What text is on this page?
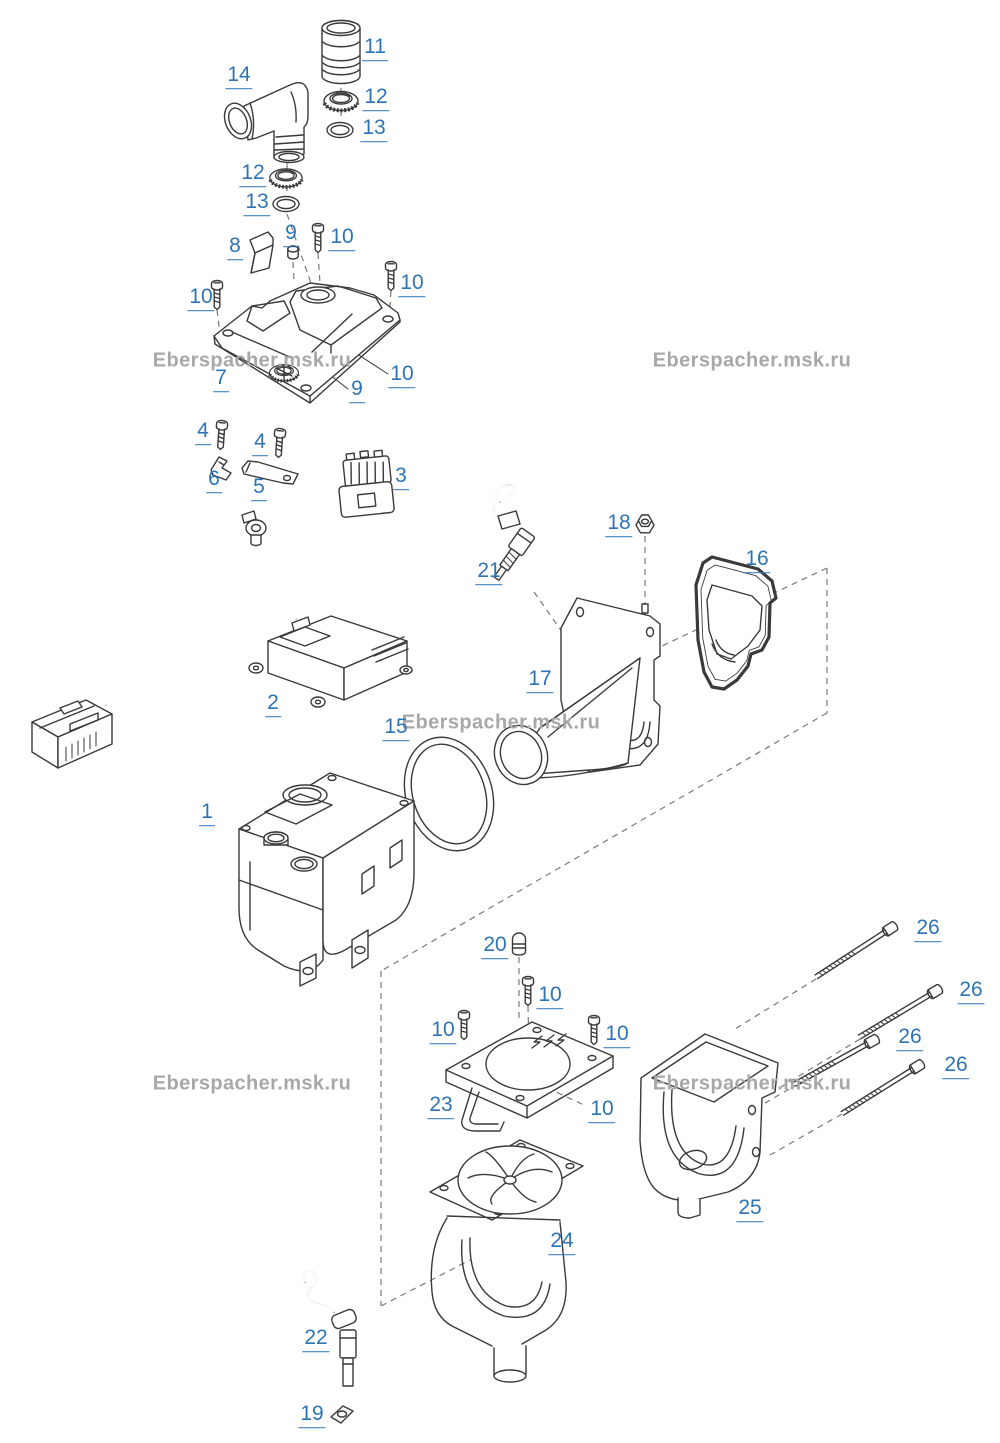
Eberspacher.msk.ru	Eberspacher.msk.ru
Eberspacher.msk.ru
Eberspacher.msk.ru	Eberspacher.msk.ru
11
14
12
13
12
13
8
9 10
10
10
7	10
9
4 4
6 5	3
18
21
16
17
2
15
1
20
26
10	26
10	10	26
26
23	10
25
24
22
19
